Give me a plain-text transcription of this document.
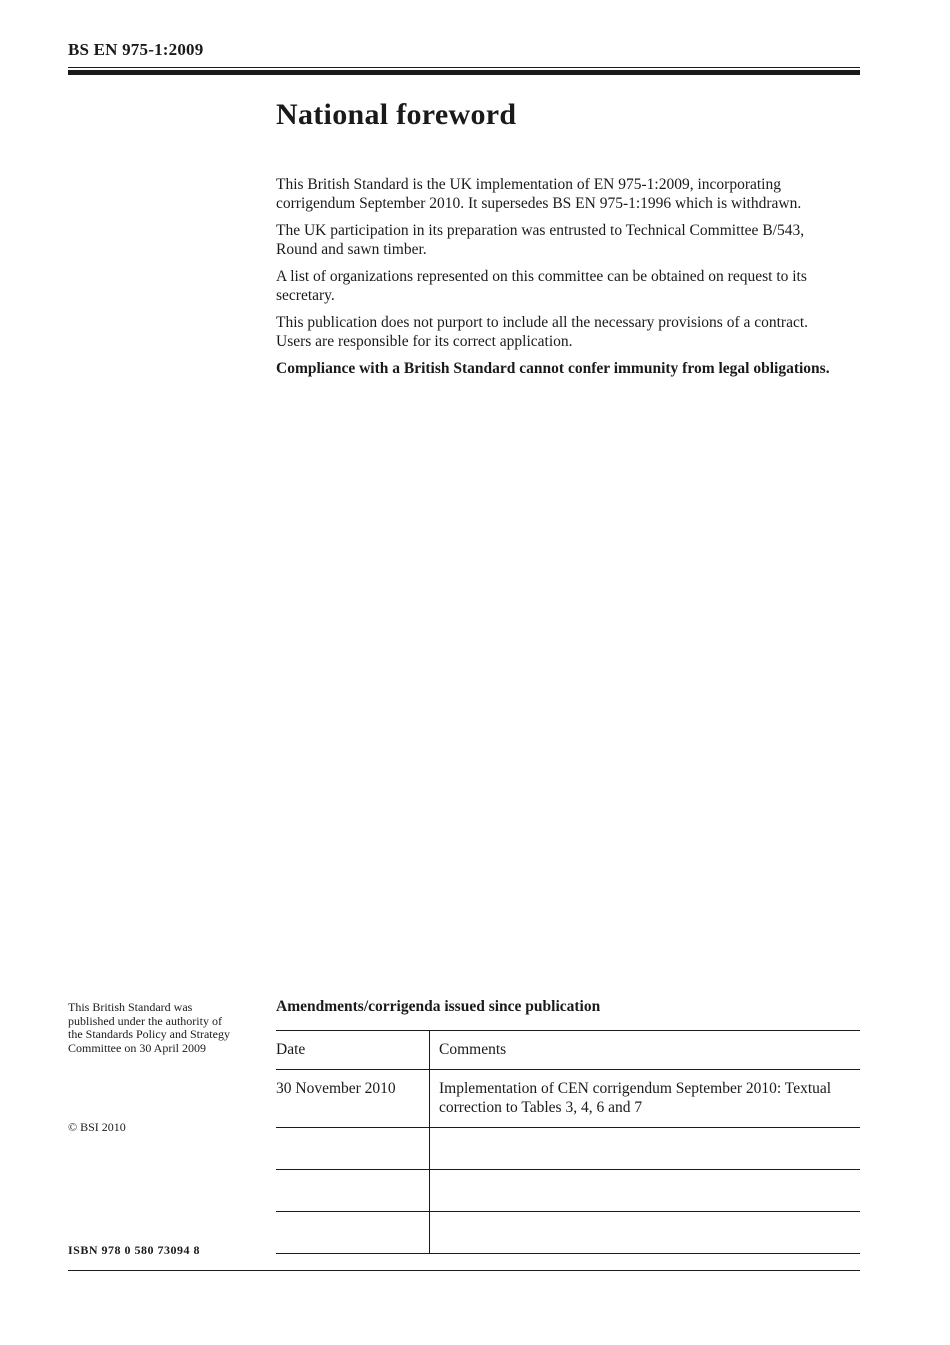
BS EN 975-1:2009
National foreword

This British Standard is the UK implementation of EN 975-1:2009, incorporating corrigendum September 2010. It supersedes BS EN 975-1:1996 which is withdrawn.

The UK participation in its preparation was entrusted to Technical Committee B/543, Round and sawn timber.

A list of organizations represented on this committee can be obtained on request to its secretary.

This publication does not purport to include all the necessary provisions of a contract. Users are responsible for its correct application.

Compliance with a British Standard cannot confer immunity from legal obligations.

This British Standard was published under the authority of the Standards Policy and Strategy Committee on 30 April 2009
© BSI 2010
ISBN 978 0 580 73094 8
Amendments/corrigenda issued since publication
Date	Comments
30 November 2010	Implementation of CEN corrigendum September 2010: Textual correction to Tables 3, 4, 6 and 7
